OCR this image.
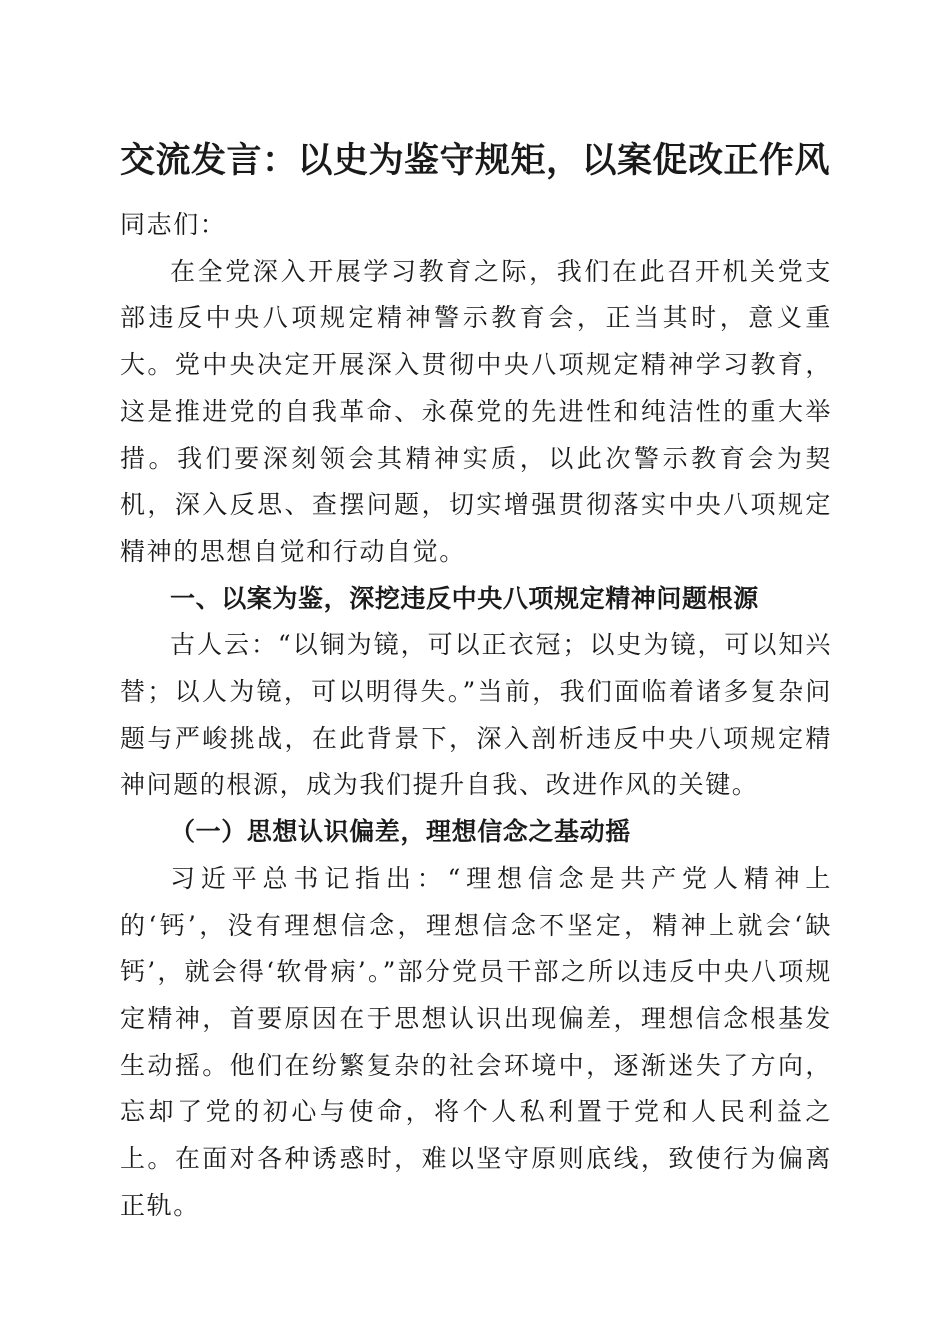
交流发言：以史为鉴守规矩，以案促改正作风

同志们：

在全党深入开展学习教育之际，我们在此召开机关党支部违反中央八项规定精神警示教育会，正当其时，意义重大。党中央决定开展深入贯彻中央八项规定精神学习教育，这是推进党的自我革命、永葆党的先进性和纯洁性的重大举措。我们要深刻领会其精神实质，以此次警示教育会为契机，深入反思、查摆问题，切实增强贯彻落实中央八项规定精神的思想自觉和行动自觉。

一、以案为鉴，深挖违反中央八项规定精神问题根源

古人云：“以铜为镜，可以正衣冠；以史为镜，可以知兴替；以人为镜，可以明得失。”当前，我们面临着诸多复杂问题与严峻挑战，在此背景下，深入剖析违反中央八项规定精神问题的根源，成为我们提升自我、改进作风的关键。

（一）思想认识偏差，理想信念之基动摇

习近平总书记指出：“理想信念是共产党人精神上的‘钙’，没有理想信念，理想信念不坚定，精神上就会‘缺钙’，就会得‘软骨病’。”部分党员干部之所以违反中央八项规定精神，首要原因在于思想认识出现偏差，理想信念根基发生动摇。他们在纷繁复杂的社会环境中，逐渐迷失了方向，忘却了党的初心与使命，将个人私利置于党和人民利益之上。在面对各种诱惑时，难以坚守原则底线，致使行为偏离正轨。
